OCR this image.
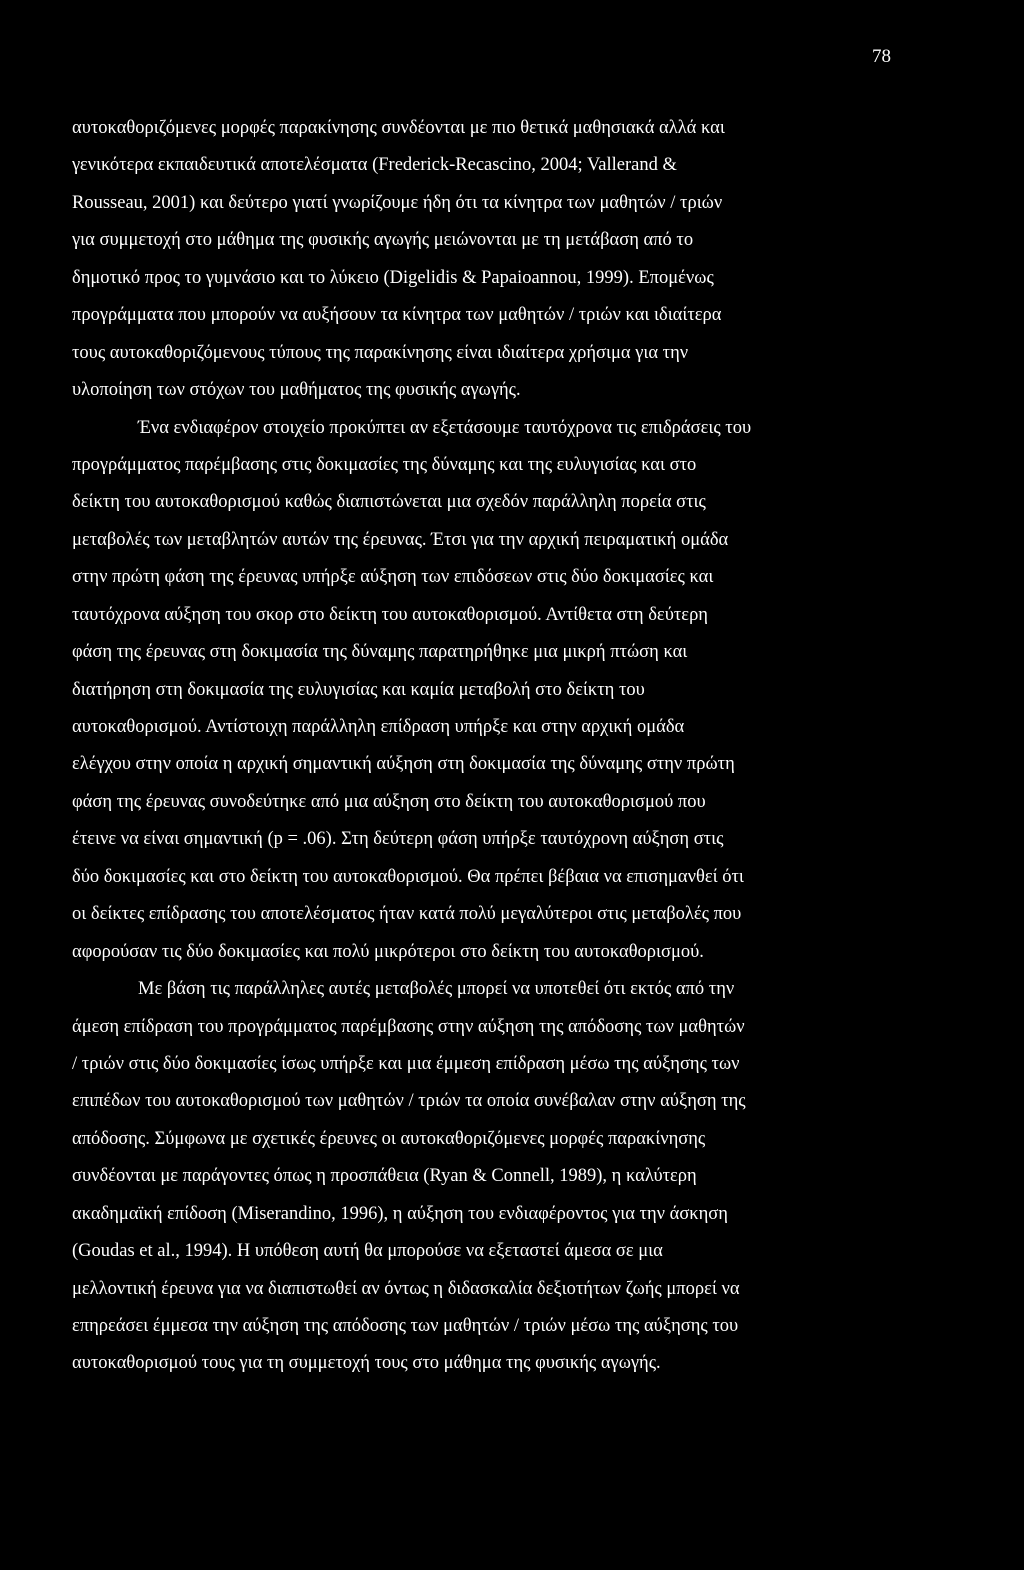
78
αυτοκαθοριζόμενες μορφές παρακίνησης συνδέονται με πιο θετικά μαθησιακά αλλά και
γενικότερα εκπαιδευτικά αποτελέσματα (Frederick-Recascino, 2004; Vallerand &
Rousseau, 2001) και δεύτερο γιατί γνωρίζουμε ήδη ότι τα κίνητρα των μαθητών / τριών
για συμμετοχή στο μάθημα της φυσικής αγωγής μειώνονται με τη μετάβαση από το
δημοτικό προς το γυμνάσιο και το λύκειο (Digelidis & Papaioannou, 1999). Επομένως
προγράμματα που μπορούν να αυξήσουν τα κίνητρα των μαθητών / τριών και ιδιαίτερα
τους αυτοκαθοριζόμενους τύπους της παρακίνησης είναι ιδιαίτερα χρήσιμα για την
υλοποίηση των στόχων του μαθήματος της φυσικής αγωγής.
Ένα ενδιαφέρον στοιχείο προκύπτει αν εξετάσουμε ταυτόχρονα τις επιδράσεις του
προγράμματος παρέμβασης στις δοκιμασίες της δύναμης και της ευλυγισίας και στο
δείκτη του αυτοκαθορισμού καθώς διαπιστώνεται μια σχεδόν παράλληλη πορεία στις
μεταβολές των μεταβλητών αυτών της έρευνας. Έτσι για την αρχική πειραματική ομάδα
στην πρώτη φάση της έρευνας υπήρξε αύξηση των επιδόσεων στις δύο δοκιμασίες και
ταυτόχρονα αύξηση του σκορ στο δείκτη του αυτοκαθορισμού. Αντίθετα στη δεύτερη
φάση της έρευνας στη δοκιμασία της δύναμης παρατηρήθηκε μια μικρή πτώση και
διατήρηση στη δοκιμασία της ευλυγισίας και καμία μεταβολή στο δείκτη του
αυτοκαθορισμού. Αντίστοιχη παράλληλη επίδραση υπήρξε και στην αρχική ομάδα
ελέγχου στην οποία η αρχική σημαντική αύξηση στη δοκιμασία της δύναμης στην πρώτη
φάση της έρευνας συνοδεύτηκε από μια αύξηση στο δείκτη του αυτοκαθορισμού που
έτεινε να είναι σημαντική (p = .06). Στη δεύτερη φάση υπήρξε ταυτόχρονη αύξηση στις
δύο δοκιμασίες και στο δείκτη του αυτοκαθορισμού. Θα πρέπει βέβαια να επισημανθεί ότι
οι δείκτες επίδρασης του αποτελέσματος ήταν κατά πολύ μεγαλύτεροι στις μεταβολές που
αφορούσαν τις δύο δοκιμασίες και πολύ μικρότεροι στο δείκτη του αυτοκαθορισμού.
Με βάση τις παράλληλες αυτές μεταβολές μπορεί να υποτεθεί ότι εκτός από την
άμεση επίδραση του προγράμματος παρέμβασης στην αύξηση της απόδοσης των μαθητών
/ τριών στις δύο δοκιμασίες ίσως υπήρξε και μια έμμεση επίδραση μέσω της αύξησης των
επιπέδων του αυτοκαθορισμού των μαθητών / τριών τα οποία συνέβαλαν στην αύξηση της
απόδοσης. Σύμφωνα με σχετικές έρευνες οι αυτοκαθοριζόμενες μορφές παρακίνησης
συνδέονται με παράγοντες όπως η προσπάθεια (Ryan & Connell, 1989), η καλύτερη
ακαδημαϊκή επίδοση (Miserandino, 1996), η αύξηση του ενδιαφέροντος για την άσκηση
(Goudas et al., 1994). Η υπόθεση αυτή θα μπορούσε να εξεταστεί άμεσα σε μια
μελλοντική έρευνα για να διαπιστωθεί αν όντως η διδασκαλία δεξιοτήτων ζωής μπορεί να
επηρεάσει έμμεσα την αύξηση της απόδοσης των μαθητών / τριών μέσω της αύξησης του
αυτοκαθορισμού τους για τη συμμετοχή τους στο μάθημα της φυσικής αγωγής.
